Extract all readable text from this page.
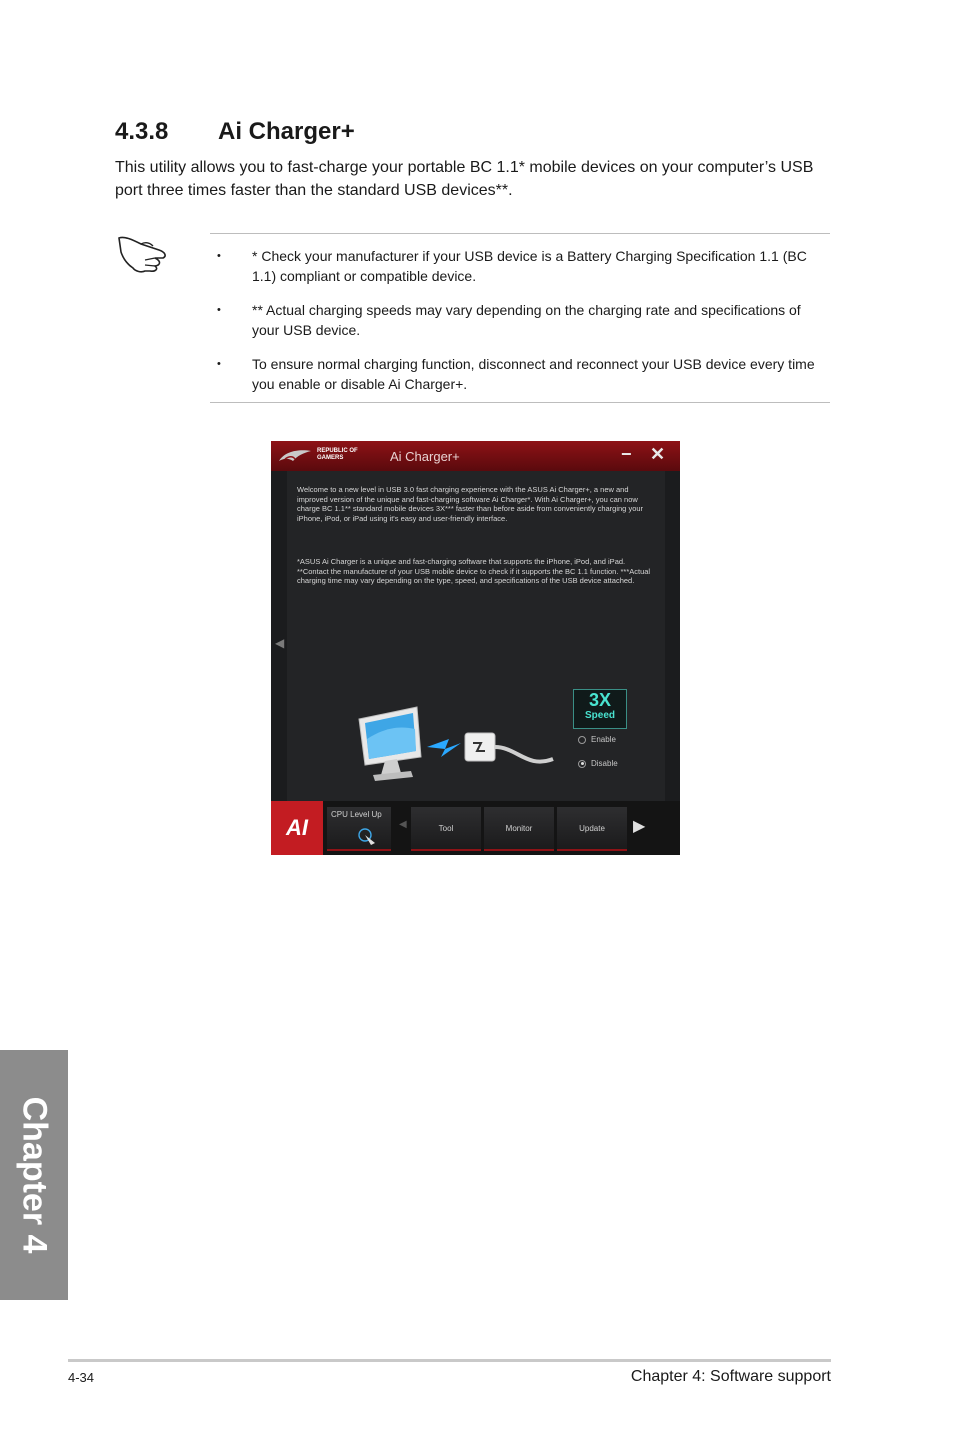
4.3.8	Ai Charger+

This utility allows you to fast-charge your portable BC 1.1* mobile devices on your computer’s USB port three times faster than the standard USB devices**.

• * Check your manufacturer if your USB device is a Battery Charging Specification 1.1 (BC 1.1) compliant or compatible device.
• ** Actual charging speeds may vary depending on the charging rate and specifications of your USB device.
• To ensure normal charging function, disconnect and reconnect your USB device every time you enable or disable Ai Charger+.
REPUBLIC OF GAMERS	Ai Charger+	− ✕

Welcome to a new level in USB 3.0 fast charging experience with the ASUS Ai Charger+, a new and improved version of the unique and fast-charging software Ai Charger*. With Ai Charger+, you can now charge BC 1.1** standard mobile devices 3X*** faster than before aside from conveniently charging your iPhone, iPod, or iPad using it's easy and user-friendly interface.

*ASUS Ai Charger is a unique and fast-charging software that supports the iPhone, iPod, and iPad. **Contact the manufacturer of your USB mobile device to check if it supports the BC 1.1 function. ***Actual charging time may vary depending on the type, speed, and specifications of the USB device attached.

3X
Speed
Enable
Disable
◀
AI
CPU Level Up
◀	Tool	Monitor	Update	▶
Chapter 4
4-34	Chapter 4: Software support
